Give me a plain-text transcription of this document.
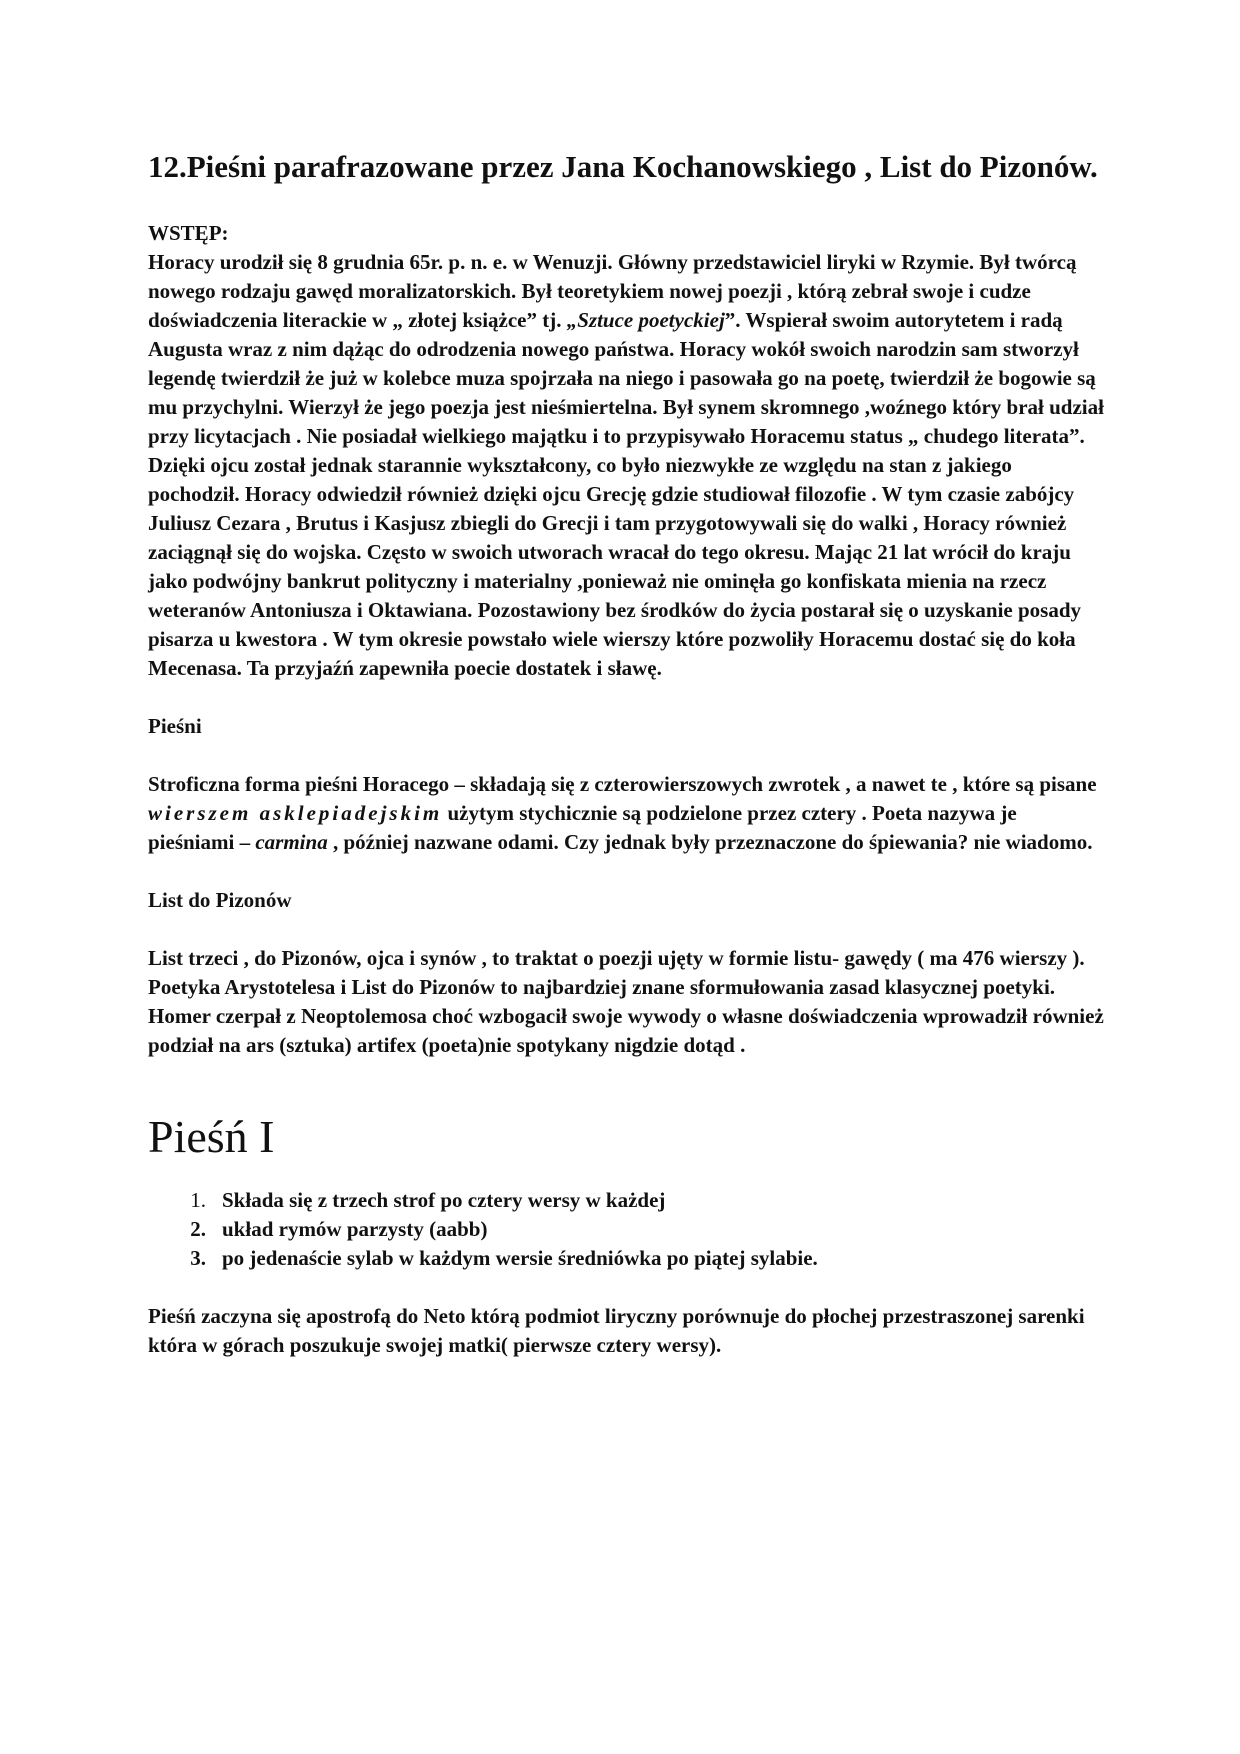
12.Pieśni parafrazowane przez Jana Kochanowskiego , List do Pizonów.

WSTĘP:

Horacy urodził się 8 grudnia 65r. p. n. e. w Wenuzji. Główny przedstawiciel liryki w Rzymie. Był twórcą nowego rodzaju gawęd moralizatorskich. Był teoretykiem nowej poezji , którą zebrał swoje i cudze doświadczenia literackie w „ złotej książce” tj. „Sztuce poetyckiej”. Wspierał swoim autorytetem i radą Augusta wraz z nim dążąc do odrodzenia nowego państwa. Horacy wokół swoich narodzin sam stworzył legendę twierdził że już w kolebce muza spojrzała na niego i pasowała go na poetę, twierdził że bogowie są mu przychylni. Wierzył że jego poezja jest nieśmiertelna. Był synem skromnego ,woźnego który brał udział przy licytacjach . Nie posiadał wielkiego majątku i to przypisywało Horacemu status „ chudego literata”. Dzięki ojcu został jednak starannie wykształcony, co było niezwykłe ze względu na stan z jakiego pochodził. Horacy odwiedził również dzięki ojcu Grecję gdzie studiował filozofie . W tym czasie zabójcy Juliusz Cezara , Brutus i Kasjusz zbiegli do Grecji i tam przygotowywali się do walki , Horacy również zaciągnął się do wojska. Często w swoich utworach wracał do tego okresu. Mając 21 lat wrócił do kraju jako podwójny bankrut polityczny i materialny ,ponieważ nie ominęła go konfiskata mienia na rzecz weteranów Antoniusza i Oktawiana. Pozostawiony bez środków do życia postarał się o uzyskanie posady pisarza u kwestora . W tym okresie powstało wiele wierszy które pozwoliły Horacemu dostać się do koła Mecenasa. Ta przyjaźń zapewniła poecie dostatek i sławę.

Pieśni

Stroficzna forma pieśni Horacego – składają się z czterowierszowych zwrotek , a nawet te , które są pisane wierszem asklepiadejskim użytym stychicznie są podzielone przez cztery . Poeta nazywa je pieśniami – carmina , później nazwane odami. Czy jednak były przeznaczone do śpiewania? nie wiadomo.

List do Pizonów

List trzeci , do Pizonów, ojca i synów , to traktat o poezji ujęty w formie listu- gawędy ( ma 476 wierszy ). Poetyka Arystotelesa i List do Pizonów to najbardziej znane sformułowania zasad klasycznej poetyki. Homer czerpał z Neoptolemosa choć wzbogacił swoje wywody o własne doświadczenia wprowadził również podział na ars (sztuka) artifex (poeta)nie spotykany nigdzie dotąd .

Pieśń I
1. Składa się z trzech strof po cztery wersy w każdej
2. układ rymów parzysty (aabb)
3. po jedenaście sylab w każdym wersie średniówka po piątej sylabie.

Pieśń zaczyna się apostrofą do Neto którą podmiot liryczny porównuje do płochej przestraszonej sarenki która w górach poszukuje swojej matki( pierwsze cztery wersy).
